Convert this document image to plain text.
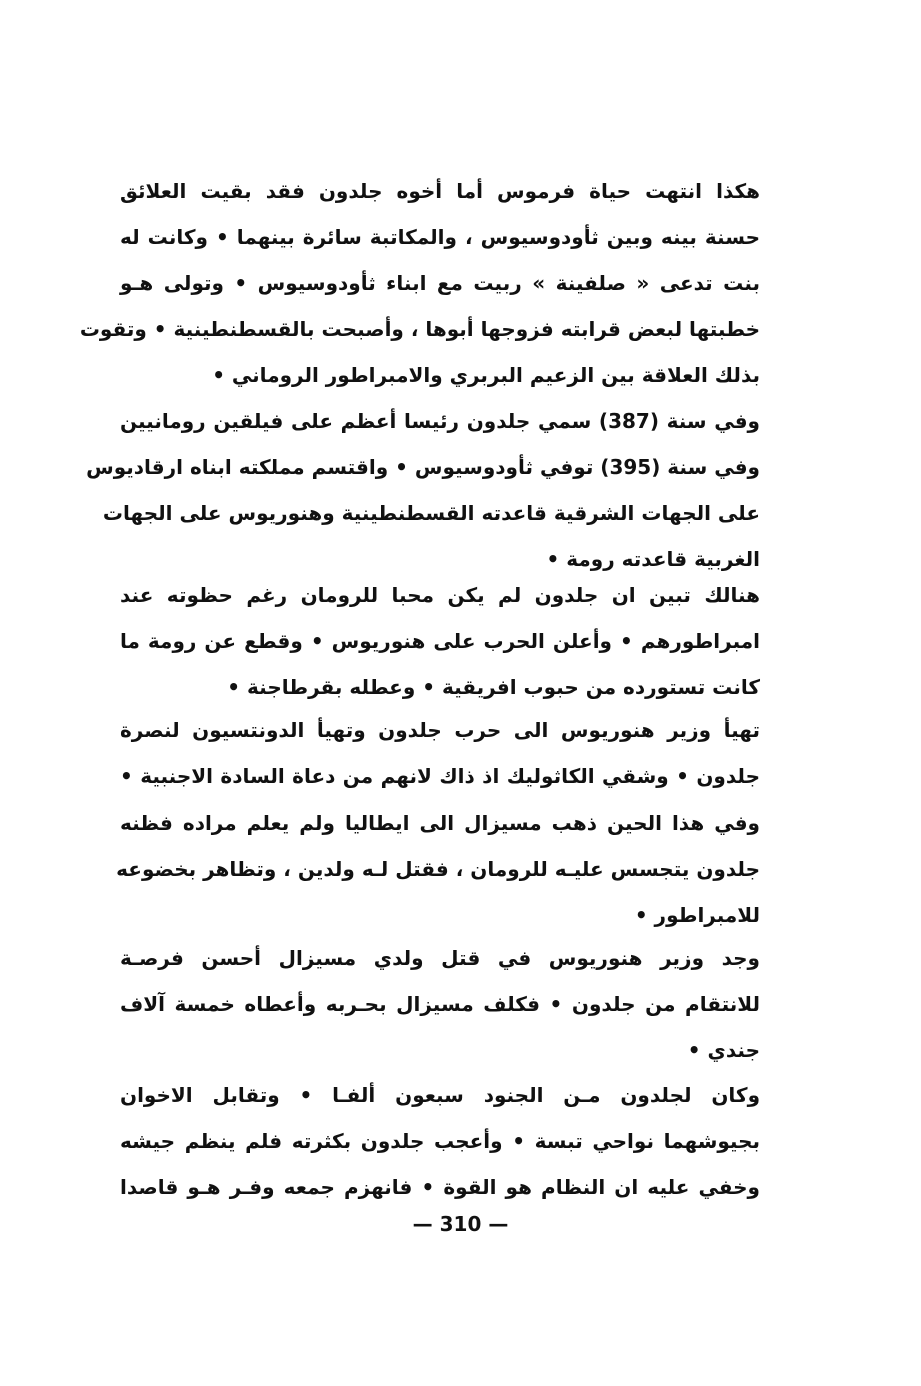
هكذا انتهت حياة فرموس أما أخوه جلدون فقد بقيت العلائق
حسنة بينه وبين ثأودوسيوس ، والمكاتبة سائرة بينهما • وكانت له
بنت تدعى « صلفينة » ربيت مع ابناء ثأودوسيوس • وتولى هـو
خطبتها لبعض قرابته فزوجها أبوها ، وأصبحت بالقسطنطينية • وتقوت
بذلك العلاقة بين الزعيم البربري والامبراطور الروماني •
وفي سنة (387) سمي جلدون رئيسا أعظم على فيلقين رومانيين
وفي سنة (395) توفي ثأودوسيوس • واقتسم مملكته ابناه ارقاديوس
على الجهات الشرقية قاعدته القسطنطينية وهنوريوس على الجهات
الغربية قاعدته رومة •
هنالك تبين ان جلدون لم يكن محبا للرومان رغم حظوته عند
امبراطورهم • وأعلن الحرب على هنوريوس • وقطع عن رومة ما
كانت تستورده من حبوب افريقية • وعطله بقرطاجنة •
تهيأ وزير هنوريوس الى حرب جلدون وتهيأ الدونتسيون لنصرة
جلدون • وشقي الكاثوليك اذ ذاك لانهم من دعاة السادة الاجنبية •
وفي هذا الحين ذهب مسيزال الى ايطاليا ولم يعلم مراده فظنه
جلدون يتجسس عليـه للرومان ، فقتل لـه ولدين ، وتظاهر بخضوعه
للامبراطور •
وجد وزير هنوريوس في قتل ولدي مسيزال أحسن فرصـة
للانتقام من جلدون • فكلف مسيزال بحـربه وأعطاه خمسة آلاف
جندي •
وكان لجلدون مـن الجنود سبعون ألفـا • وتقابل الاخوان
بجيوشهما نواحي تبسة • وأعجب جلدون بكثرته فلم ينظم جيشه
وخفي عليه ان النظام هو القوة • فانهزم جمعه وفـر هـو قاصدا
— 310 —
